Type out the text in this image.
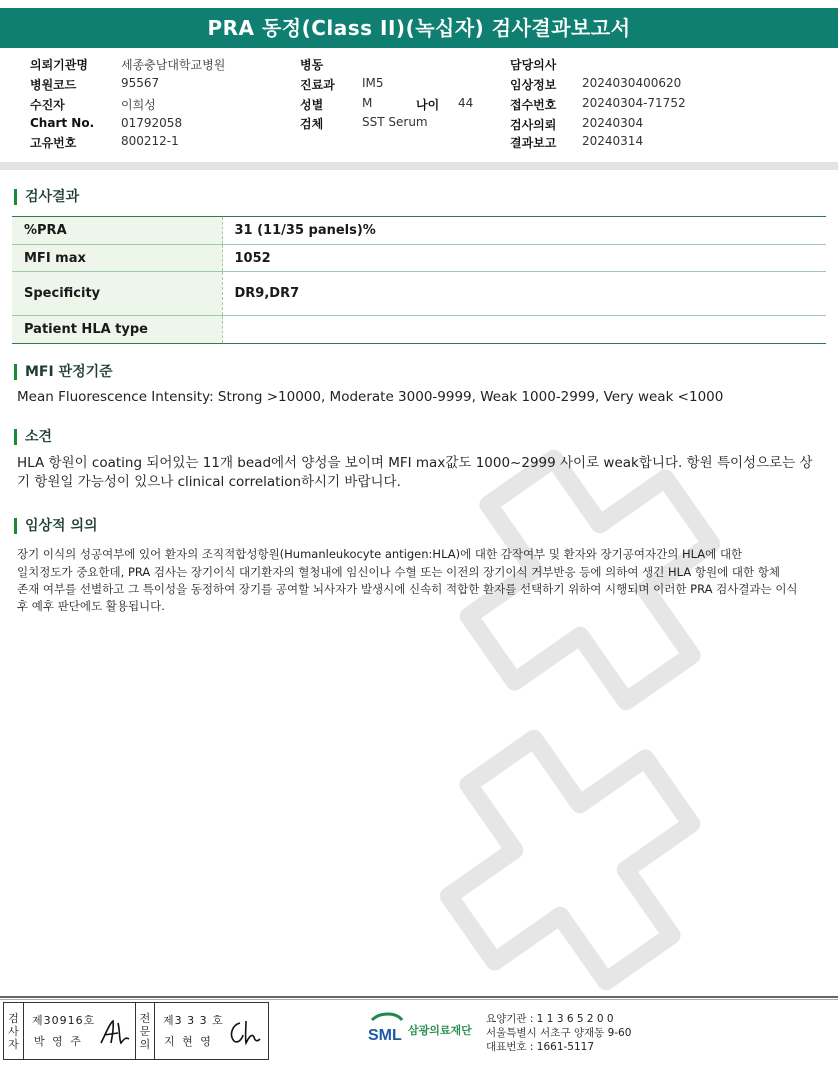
PRA 동정(Class II)(녹십자) 검사결과보고서
의뢰기관명	세종충남대학교병원
병원코드	95567
수진자	이희성
Chart No. 01792058
고유번호	800212-1
병동
진료과 IM5
성별	M	나이 44
검체	SST Serum
담당의사
임상정보 2024030400620
접수번호 20240304-71752
검사의뢰 20240304
결과보고 20240314
검사결과
%PRA	31 (11/35 panels)%
MFI max	1052
Specificity	DR9,DR7
Patient HLA type	
MFI 판정기준
Mean Fluorescence Intensity: Strong >10000, Moderate 3000-9999, Weak 1000-2999, Very weak <1000
소견
HLA 항원이 coating 되어있는 11개 bead에서 양성을 보이며 MFI max값도 1000~2999 사이로 weak합니다. 항원 특이성으로는 상기 항원일 가능성이 있으나 clinical correlation하시기 바랍니다.
임상적 의의
장기 이식의 성공여부에 있어 환자의 조직적합성항원(Humanleukocyte antigen:HLA)에 대한 감작여부 및 환자와 장기공여자간의 HLA에 대한
일치정도가 중요한데, PRA 검사는 장기이식 대기환자의 혈청내에 임신이나 수혈 또는 이전의 장기이식 거부반응 등에 의하여 생긴 HLA 항원에 대한 항체
존재 여부를 선별하고 그 특이성을 동정하여 장기를 공여할 뇌사자가 발생시에 신속히 적합한 환자를 선택하기 위하여 시행되며 이러한 PRA 검사결과는 이식
후 예후 판단에도 활용됩니다.
검
사
자
제30916호
박 영 주
전
문
의
제3 3 3 호
지 현 영	SML 삼광의료재단
요양기관 : 1 1 3 6 5 2 0 0
서울특별시 서초구 양재동 9-60
대표번호 : 1661-5117
